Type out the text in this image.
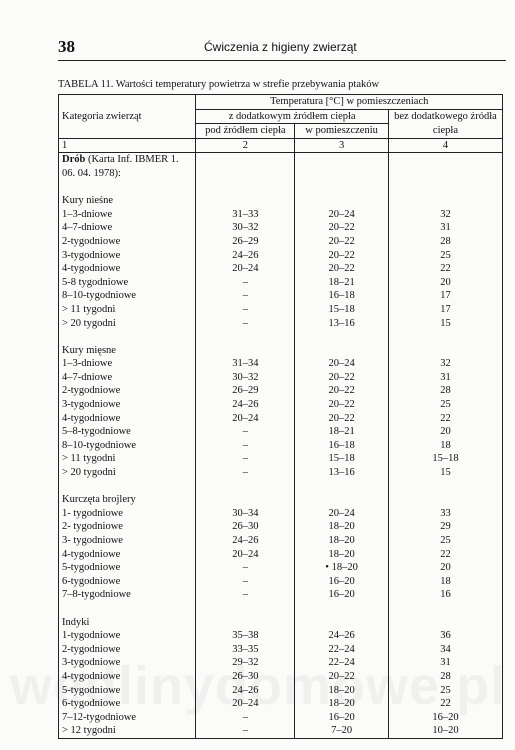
38	Ćwiczenia z higieny zwierząt
TABELA 11. Wartości temperatury powietrza w strefie przebywania ptaków
Kategoria zwierząt	Temperatura [°C] w pomieszczeniach		
	z dodatkowym źródłem ciepła		bez dodatkowego źródła ciepła
	pod źródłem ciepła	w pomieszczeniu	
1	2	3	4
Drób (Karta Inf. IBMER 1.			
06. 04. 1978):			

Kury nieśne			
1–3-dniowe	31–33	20–24	32
4–7-dniowe	30–32	20–22	31
2-tygodniowe	26–29	20–22	28
3-tygodniowe	24–26	20–22	25
4-tygodniowe	20–24	20–22	22
5-8 tygodniowe	–	18–21	20
8–10-tygodniowe	–	16–18	17
> 11 tygodni	–	15–18	17
> 20 tygodni	–	13–16	15

Kury mięsne			
1–3-dniowe	31–34	20–24	32
4–7-dniowe	30–32	20–22	31
2-tygodniowe	26–29	20–22	28
3-tygodniowe	24–26	20–22	25
4-tygodniowe	20–24	20–22	22
5–8-tygodniowe	–	18–21	20
8–10-tygodniowe	–	16–18	18
> 11 tygodni	–	15–18	15–18
> 20 tygodni	–	13–16	15

Kurczęta brojlery			
1- tygodniowe	30–34	20–24	33
2- tygodniowe	26–30	18–20	29
3- tygodniowe	24–26	18–20	25
4-tygodniowe	20–24	18–20	22
5-tygodniowe	–	• 18–20	20
6-tygodniowe	–	16–20	18
7–8-tygodniowe	–	16–20	16

Indyki			
1-tygodniowe	35–38	24–26	36
2-tygodniowe	33–35	22–24	34
3-tygodniowe	29–32	22–24	31
4-tygodniowe	26–30	20–22	28
5-tygodniowe	24–26	18–20	25
6-tygodniowe	20–24	18–20	22
7–12-tygodniowe	–	16–20	16–20
> 12 tygodni	–	7–20	10–20
